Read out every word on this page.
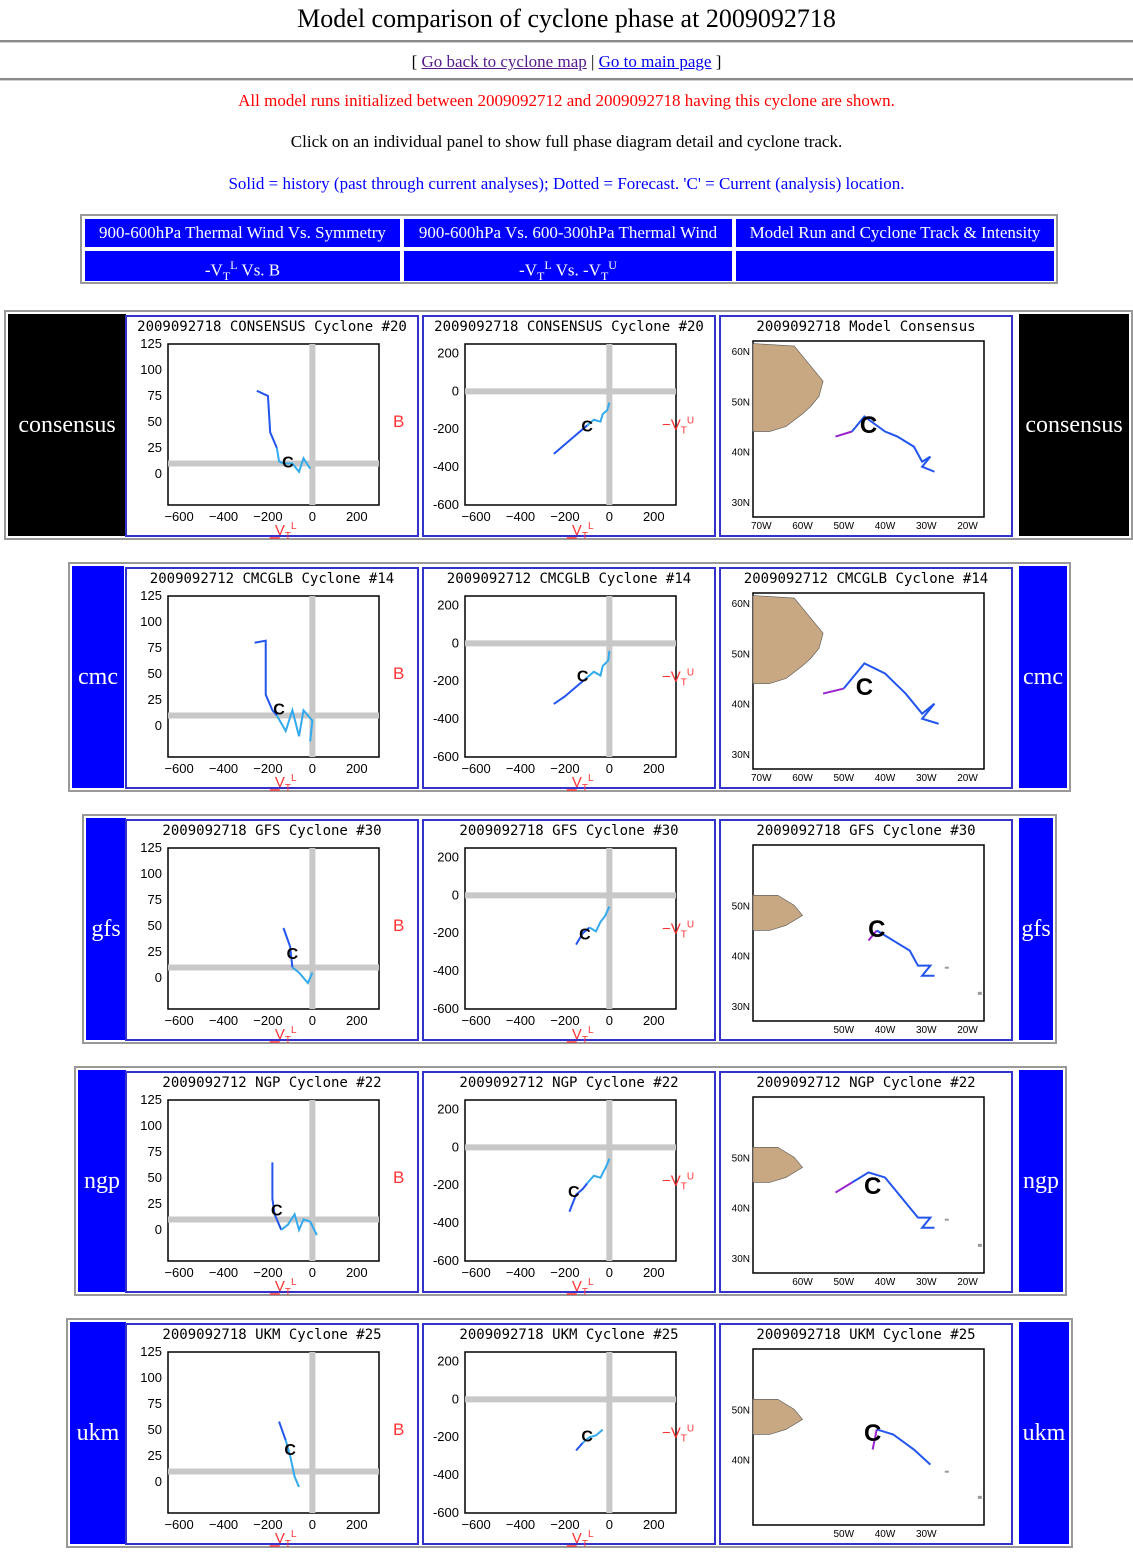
Model comparison of cyclone phase at 2009092718
[ Go back to cyclone map | Go to main page ]
All model runs initialized between 2009092712 and 2009092718 having this cyclone are shown.
Click on an individual panel to show full phase diagram detail and cyclone track.
Solid = history (past through current analyses); Dotted = Forecast. 'C' = Current (analysis) location.
900-600hPa Thermal Wind Vs. Symmetry	900-600hPa Vs. 600-300hPa Thermal Wind	Model Run and Cyclone Track & Intensity
$-V_T^L$ Vs. B	$-V_T^L$ Vs. $-V_T^U$
consensus	consensus
125
100
75
50
25
0
−600 −400 −200 0 200
B
$V_T^L$
C
2009092718 CONSENSUS Cyclone #20
200
0
-200
-400
-600
−600 −400 −200 0 200
$-V_T^U$
$V_T^L$
C
2009092718 CONSENSUS Cyclone #20
60N
50N
40N
30N
70W 60W 50W 40W 30W 20W
C
2009092718 Model Consensus
cmc	cmc
125
100
75
50
25
0
−600 −400 −200 0 200
B
$V_T^L$
C
2009092712 CMCGLB Cyclone #14
200
0
-200
-400
-600
−600 −400 −200 0 200
$-V_T^U$
$V_T^L$
C
2009092712 CMCGLB Cyclone #14
60N
50N
40N
30N
70W 60W 50W 40W 30W 20W
C
2009092712 CMCGLB Cyclone #14
gfs	gfs
125
100
75
50
25
0
−600 −400 −200 0 200
B
$V_T^L$
C
2009092718 GFS Cyclone #30
200
0
-200
-400
-600
−600 −400 −200 0 200
$-V_T^U$
$V_T^L$
C
2009092718 GFS Cyclone #30
50N
40N
30N
50W 40W 30W 20W
C
2009092718 GFS Cyclone #30
ngp	ngp
125
100
75
50
25
0
−600 −400 −200 0 200
B
$V_T^L$
C
2009092712 NGP Cyclone #22
200
0
-200
-400
-600
−600 −400 −200 0 200
$-V_T^U$
$V_T^L$
C
2009092712 NGP Cyclone #22
50N
40N
30N
60W 50W 40W 30W 20W
C
2009092712 NGP Cyclone #22
ukm	ukm
125
100
75
50
25
0
−600 −400 −200 0 200
B
$V_T^L$
C
2009092718 UKM Cyclone #25
200
0
-200
-400
-600
−600 −400 −200 0 200
$-V_T^U$
$V_T^L$
C
2009092718 UKM Cyclone #25
50N
40N
50W 40W 30W
C
2009092718 UKM Cyclone #25
